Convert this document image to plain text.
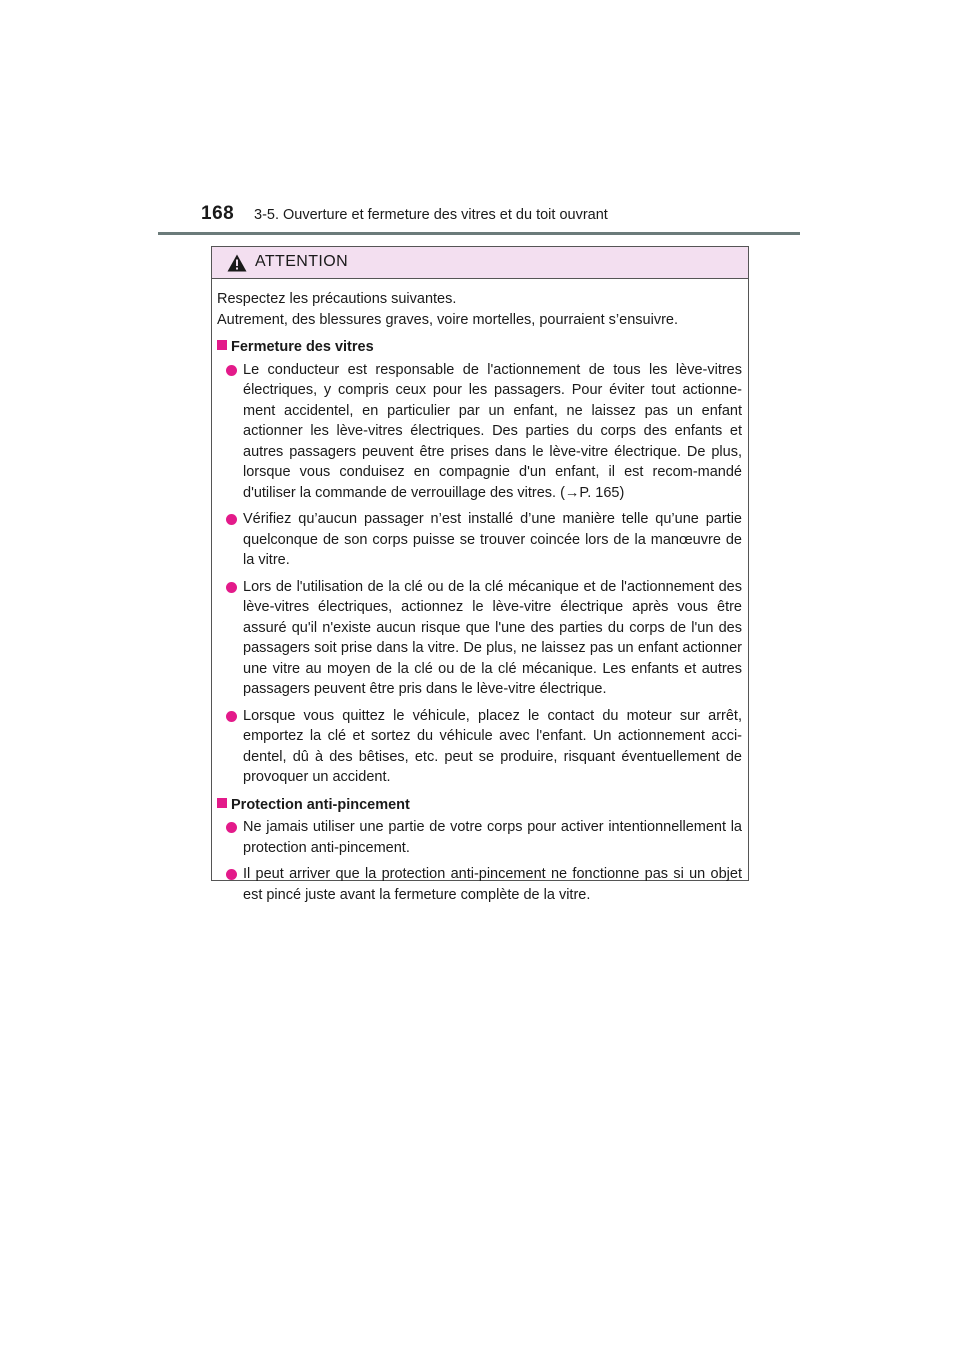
168 3-5. Ouverture et fermeture des vitres et du toit ouvrant
ATTENTION

Respectez les précautions suivantes.

Autrement, des blessures graves, voire mortelles, pourraient s’ensuivre.

Fermeture des vitres
Le conducteur est responsable de l'actionnement de tous les lève-vitres électriques, y compris ceux pour les passagers. Pour éviter tout actionne-ment accidentel, en particulier par un enfant, ne laissez pas un enfant actionner les lève-vitres électriques. Des parties du corps des enfants et autres passagers peuvent être prises dans le lève-vitre électrique. De plus, lorsque vous conduisez en compagnie d'un enfant, il est recom-mandé d'utiliser la commande de verrouillage des vitres. (→P. 165)
Vérifiez qu’aucun passager n’est installé d’une manière telle qu’une partie quelconque de son corps puisse se trouver coincée lors de la manœuvre de la vitre.
Lors de l'utilisation de la clé ou de la clé mécanique et de l'actionnement des lève-vitres électriques, actionnez le lève-vitre électrique après vous être assuré qu'il n'existe aucun risque que l'une des parties du corps de l'un des passagers soit prise dans la vitre. De plus, ne laissez pas un enfant actionner une vitre au moyen de la clé ou de la clé mécanique. Les enfants et autres passagers peuvent être pris dans le lève-vitre électrique.
Lorsque vous quittez le véhicule, placez le contact du moteur sur arrêt, emportez la clé et sortez du véhicule avec l'enfant. Un actionnement acci-dentel, dû à des bêtises, etc. peut se produire, risquant éventuellement de provoquer un accident.
Protection anti-pincement
Ne jamais utiliser une partie de votre corps pour activer intentionnellement la protection anti-pincement.
Il peut arriver que la protection anti-pincement ne fonctionne pas si un objet est pincé juste avant la fermeture complète de la vitre.
